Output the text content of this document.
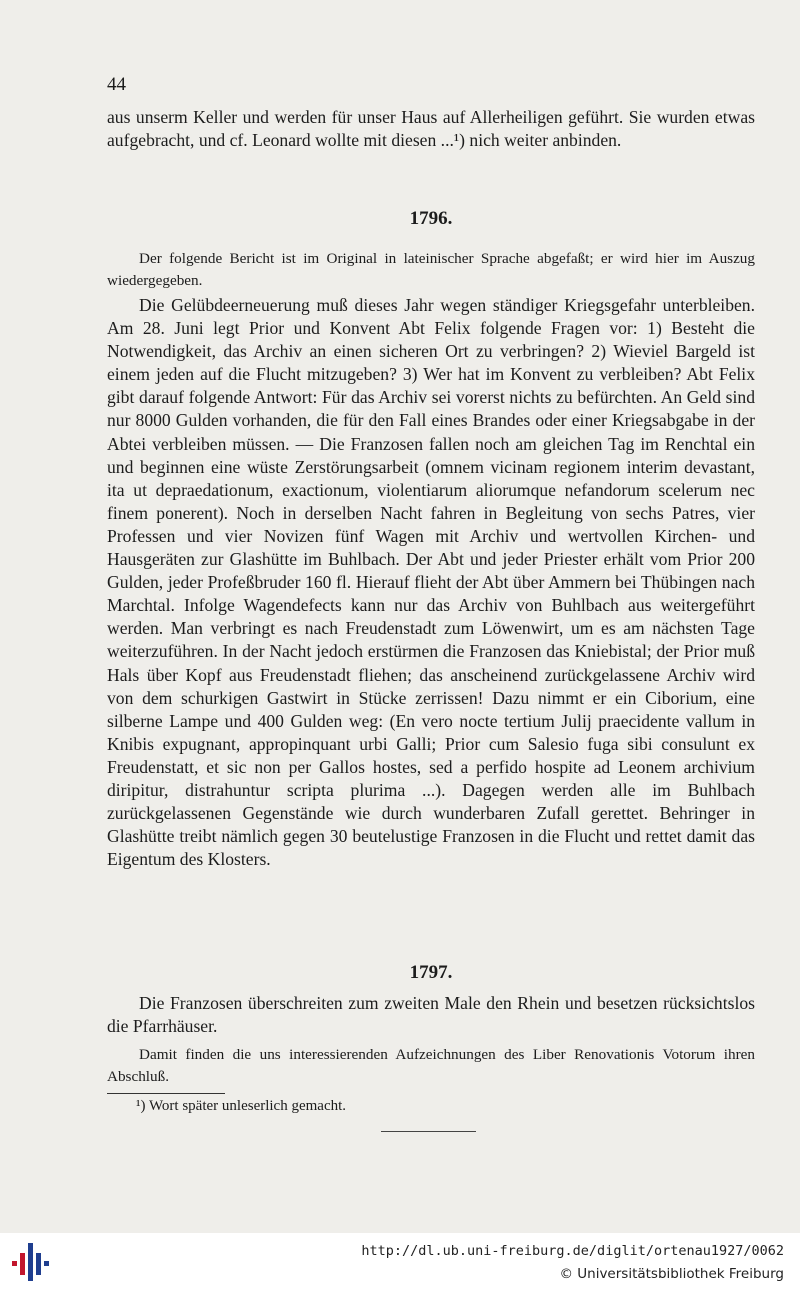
44

aus unserm Keller und werden für unser Haus auf Allerheiligen geführt. Sie wurden etwas aufgebracht, und cf. Leonard wollte mit diesen ...¹) nich weiter anbinden.

1796.

Der folgende Bericht ist im Original in lateinischer Sprache abgefaßt; er wird hier im Auszug wiedergegeben.

Die Gelübdeerneuerung muß dieses Jahr wegen ständiger Kriegsgefahr unterbleiben. Am 28. Juni legt Prior und Konvent Abt Felix folgende Fragen vor: 1) Besteht die Notwendigkeit, das Archiv an einen sicheren Ort zu verbringen? 2) Wieviel Bargeld ist einem jeden auf die Flucht mitzugeben? 3) Wer hat im Konvent zu verbleiben? Abt Felix gibt darauf folgende Antwort: Für das Archiv sei vorerst nichts zu befürchten. An Geld sind nur 8000 Gulden vorhanden, die für den Fall eines Brandes oder einer Kriegsabgabe in der Abtei verbleiben müssen. — Die Franzosen fallen noch am gleichen Tag im Renchtal ein und beginnen eine wüste Zerstörungsarbeit (omnem vicinam regionem interim devastant, ita ut depraedationum, exactionum, violentiarum aliorumque nefandorum scelerum nec finem ponerent). Noch in derselben Nacht fahren in Begleitung von sechs Patres, vier Professen und vier Novizen fünf Wagen mit Archiv und wertvollen Kirchen- und Hausgeräten zur Glashütte im Buhlbach. Der Abt und jeder Priester erhält vom Prior 200 Gulden, jeder Profeßbruder 160 fl. Hierauf flieht der Abt über Ammern bei Thübingen nach Marchtal. Infolge Wagendefects kann nur das Archiv von Buhlbach aus weitergeführt werden. Man verbringt es nach Freudenstadt zum Löwenwirt, um es am nächsten Tage weiterzuführen. In der Nacht jedoch erstürmen die Franzosen das Kniebistal; der Prior muß Hals über Kopf aus Freudenstadt fliehen; das anscheinend zurückgelassene Archiv wird von dem schurkigen Gastwirt in Stücke zerrissen! Dazu nimmt er ein Ciborium, eine silberne Lampe und 400 Gulden weg: (En vero nocte tertium Julij praecidente vallum in Knibis expugnant, appropinquant urbi Galli; Prior cum Salesio fuga sibi consulunt ex Freudenstatt, et sic non per Gallos hostes, sed a perfido hospite ad Leonem archivium diripitur, distrahuntur scripta plurima ...). Dagegen werden alle im Buhlbach zurückgelassenen Gegenstände wie durch wunderbaren Zufall gerettet. Behringer in Glashütte treibt nämlich gegen 30 beutelustige Franzosen in die Flucht und rettet damit das Eigentum des Klosters.

1797.

Die Franzosen überschreiten zum zweiten Male den Rhein und besetzen rücksichtslos die Pfarrhäuser.

Damit finden die uns interessierenden Aufzeichnungen des Liber Renovationis Votorum ihren Abschluß.

¹) Wort später unleserlich gemacht.
http://dl.ub.uni-freiburg.de/diglit/ortenau1927/0062
© Universitätsbibliothek Freiburg
